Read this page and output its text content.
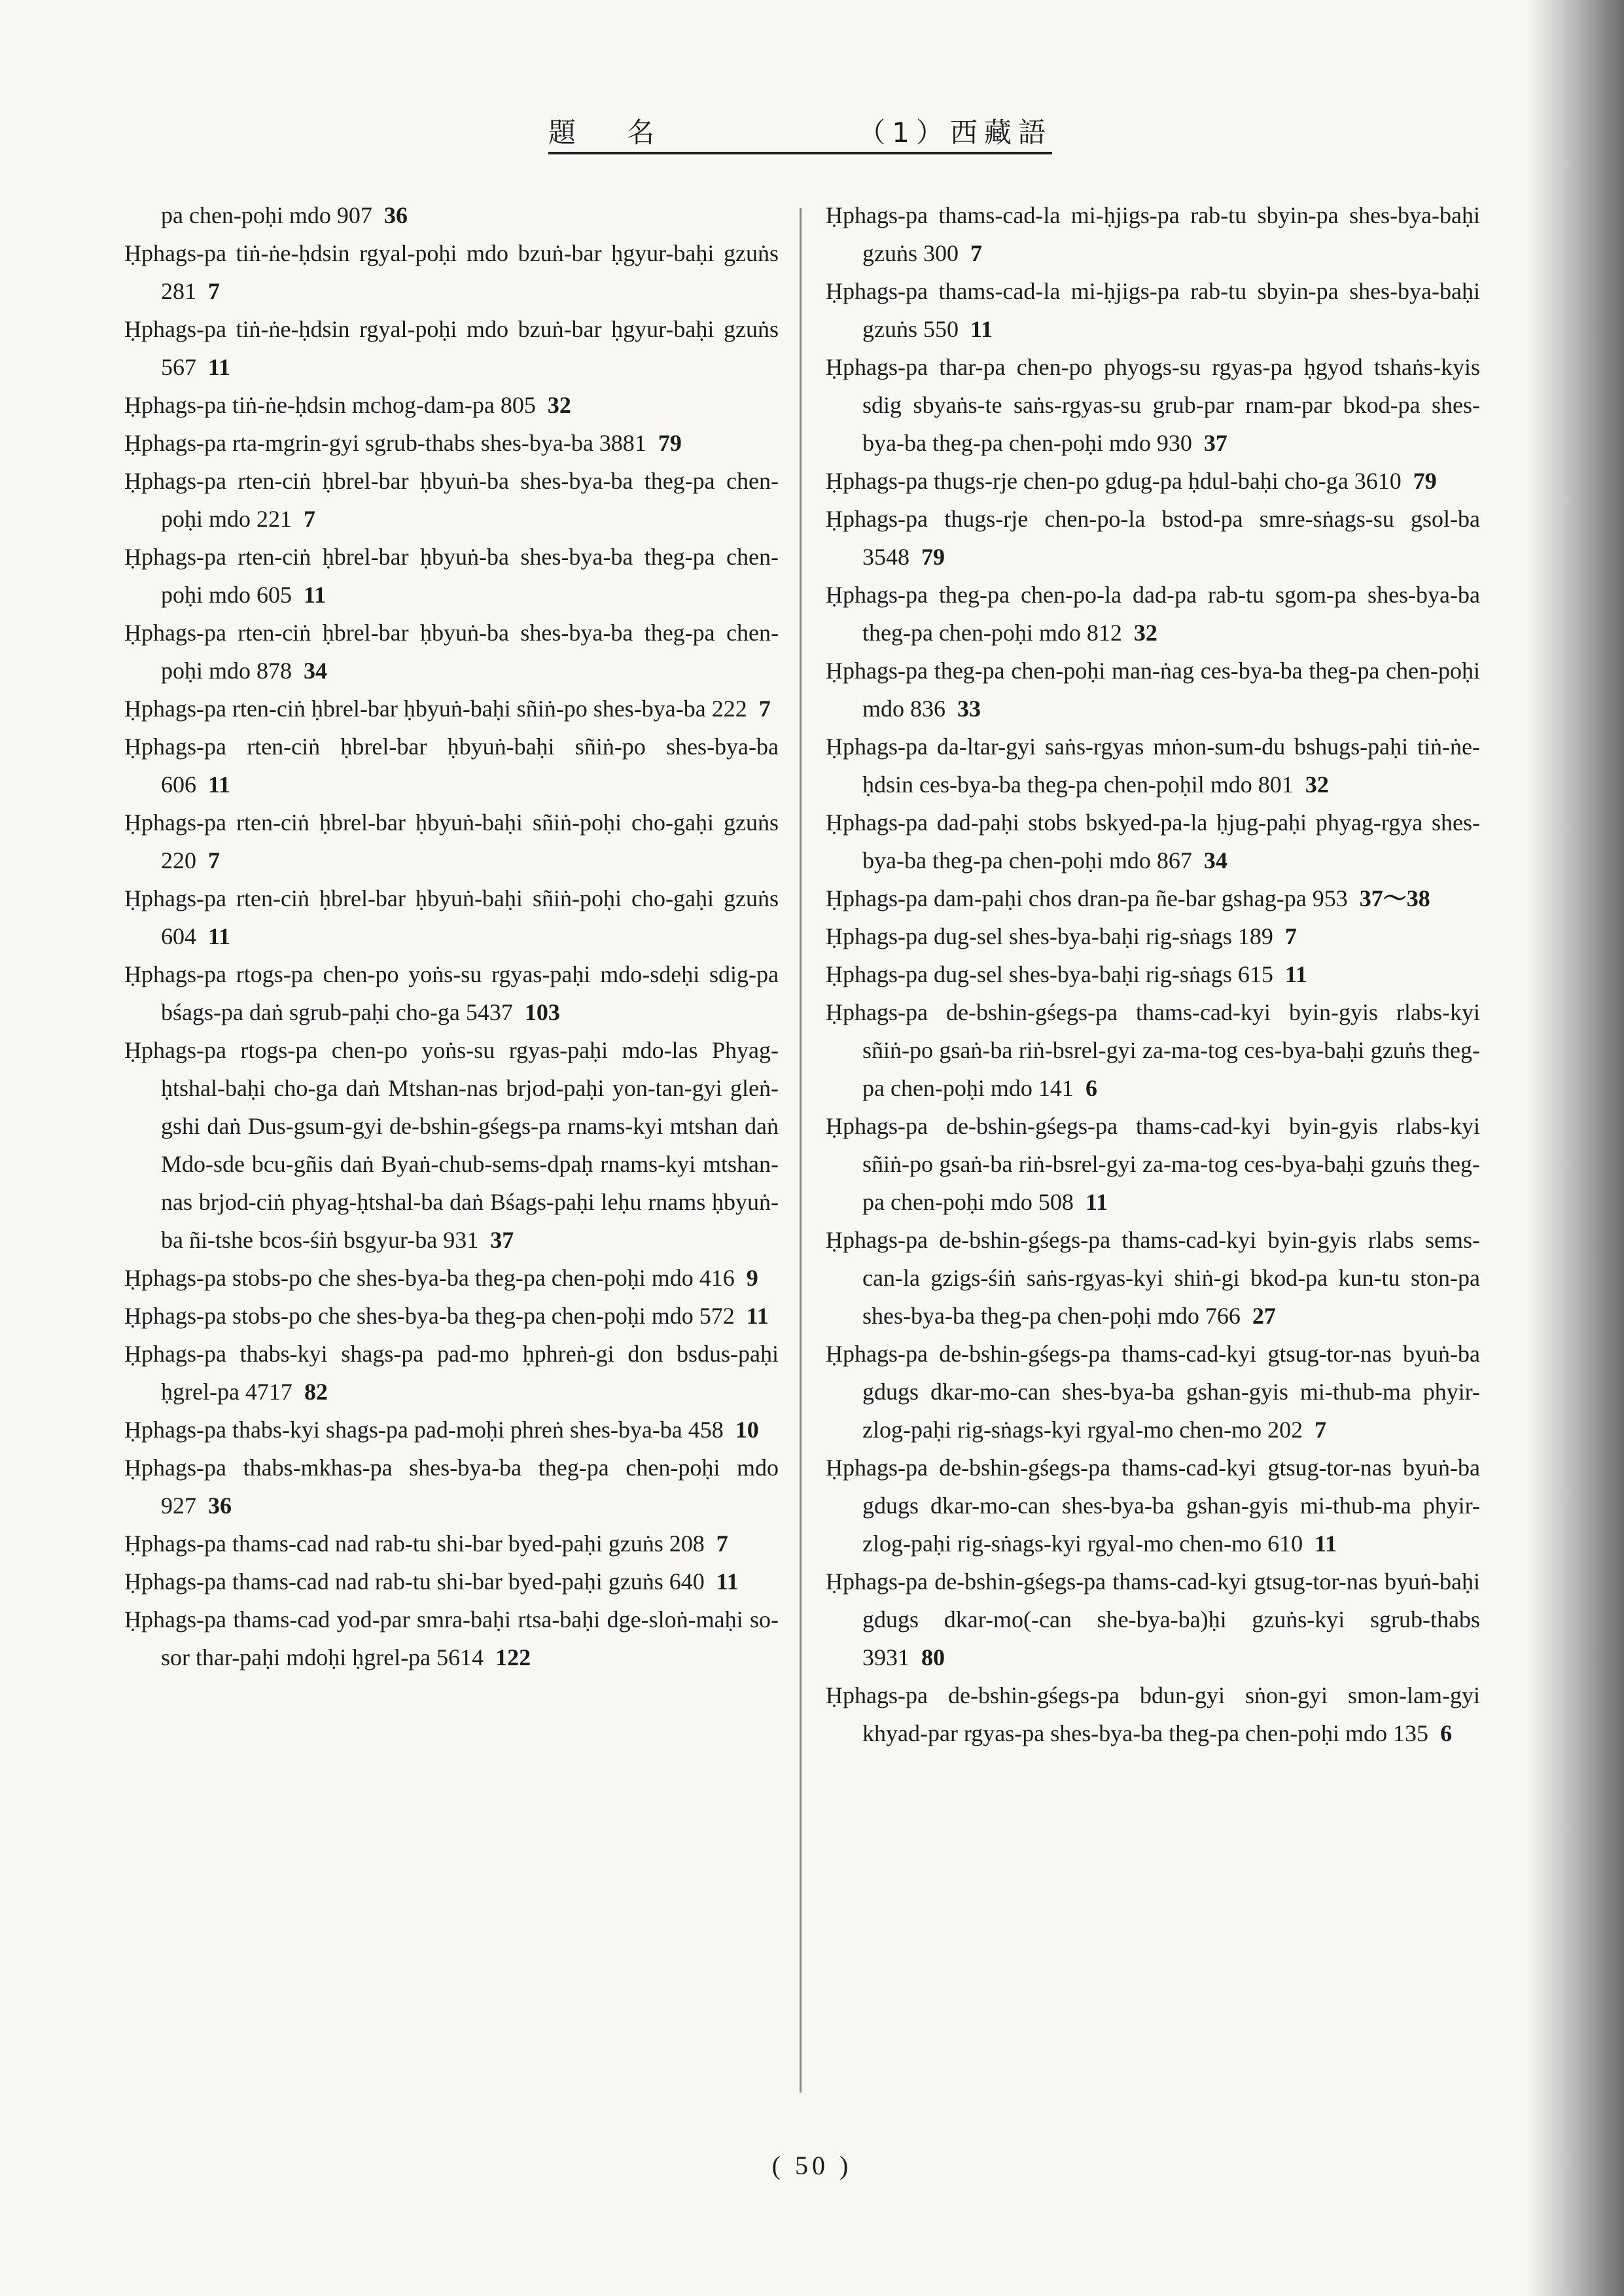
題　名	（1）西藏語
pa chen-poḥi mdo 907 36
Ḥphags-pa tiṅ-ṅe-ḥdsin rgyal-poḥi mdo bzuṅ-bar ḥgyur-baḥi gzuṅs 281 7
Ḥphags-pa tiṅ-ṅe-ḥdsin rgyal-poḥi mdo bzuṅ-bar ḥgyur-baḥi gzuṅs 567 11
Ḥphags-pa tiṅ-ṅe-ḥdsin mchog-dam-pa 805 32
Ḥphags-pa rta-mgrin-gyi sgrub-thabs shes-bya-ba 3881 79
Ḥphags-pa rten-ciṅ ḥbrel-bar ḥbyuṅ-ba shes-bya-ba theg-pa chen-poḥi mdo 221 7
Ḥphags-pa rten-ciṅ ḥbrel-bar ḥbyuṅ-ba shes-bya-ba theg-pa chen-poḥi mdo 605 11
Ḥphags-pa rten-ciṅ ḥbrel-bar ḥbyuṅ-ba shes-bya-ba theg-pa chen-poḥi mdo 878 34
Ḥphags-pa rten-ciṅ ḥbrel-bar ḥbyuṅ-baḥi sñiṅ-po shes-bya-ba 222 7
Ḥphags-pa rten-ciṅ ḥbrel-bar ḥbyuṅ-baḥi sñiṅ-po shes-bya-ba 606 11
Ḥphags-pa rten-ciṅ ḥbrel-bar ḥbyuṅ-baḥi sñiṅ-poḥi cho-gaḥi gzuṅs 220 7
Ḥphags-pa rten-ciṅ ḥbrel-bar ḥbyuṅ-baḥi sñiṅ-poḥi cho-gaḥi gzuṅs 604 11
Ḥphags-pa rtogs-pa chen-po yoṅs-su rgyas-paḥi mdo-sdeḥi sdig-pa bśags-pa daṅ sgrub-paḥi cho-ga 5437 103
Ḥphags-pa rtogs-pa chen-po yoṅs-su rgyas-paḥi mdo-las Phyag-ḥtshal-baḥi cho-ga daṅ Mtshan-nas brjod-paḥi yon-tan-gyi gleṅ-gshi daṅ Dus-gsum-gyi de-bshin-gśegs-pa rnams-kyi mtshan daṅ Mdo-sde bcu-gñis daṅ Byaṅ-chub-sems-dpaḥ rnams-kyi mtshan-nas brjod-ciṅ phyag-ḥtshal-ba daṅ Bśags-paḥi leḥu rnams ḥbyuṅ-ba ñi-tshe bcos-śiṅ bsgyur-ba 931 37
Ḥphags-pa stobs-po che shes-bya-ba theg-pa chen-poḥi mdo 416 9
Ḥphags-pa stobs-po che shes-bya-ba theg-pa chen-poḥi mdo 572 11
Ḥphags-pa thabs-kyi shags-pa pad-mo ḥphreṅ-gi don bsdus-paḥi ḥgrel-pa 4717 82
Ḥphags-pa thabs-kyi shags-pa pad-moḥi phreṅ shes-bya-ba 458 10
Ḥphags-pa thabs-mkhas-pa shes-bya-ba theg-pa chen-poḥi mdo 927 36
Ḥphags-pa thams-cad nad rab-tu shi-bar byed-paḥi gzuṅs 208 7
Ḥphags-pa thams-cad nad rab-tu shi-bar byed-paḥi gzuṅs 640 11
Ḥphags-pa thams-cad yod-par smra-baḥi rtsa-baḥi dge-sloṅ-maḥi so-sor thar-paḥi mdoḥi ḥgrel-pa 5614 122
Ḥphags-pa thams-cad-la mi-ḥjigs-pa rab-tu sbyin-pa shes-bya-baḥi gzuṅs 300 7
Ḥphags-pa thams-cad-la mi-ḥjigs-pa rab-tu sbyin-pa shes-bya-baḥi gzuṅs 550 11
Ḥphags-pa thar-pa chen-po phyogs-su rgyas-pa ḥgyod tshaṅs-kyis sdig sbyaṅs-te saṅs-rgyas-su grub-par rnam-par bkod-pa shes-bya-ba theg-pa chen-poḥi mdo 930 37
Ḥphags-pa thugs-rje chen-po gdug-pa ḥdul-baḥi cho-ga 3610 79
Ḥphags-pa thugs-rje chen-po-la bstod-pa smre-sṅags-su gsol-ba 3548 79
Ḥphags-pa theg-pa chen-po-la dad-pa rab-tu sgom-pa shes-bya-ba theg-pa chen-poḥi mdo 812 32
Ḥphags-pa theg-pa chen-poḥi man-ṅag ces-bya-ba theg-pa chen-poḥi mdo 836 33
Ḥphags-pa da-ltar-gyi saṅs-rgyas mṅon-sum-du bshugs-paḥi tiṅ-ṅe-ḥdsin ces-bya-ba theg-pa chen-poḥil mdo 801 32
Ḥphags-pa dad-paḥi stobs bskyed-pa-la ḥjug-paḥi phyag-rgya shes-bya-ba theg-pa chen-poḥi mdo 867 34
Ḥphags-pa dam-paḥi chos dran-pa ñe-bar gshag-pa 953 37〜38
Ḥphags-pa dug-sel shes-bya-baḥi rig-sṅags 189 7
Ḥphags-pa dug-sel shes-bya-baḥi rig-sṅags 615 11
Ḥphags-pa de-bshin-gśegs-pa thams-cad-kyi byin-gyis rlabs-kyi sñiṅ-po gsaṅ-ba riṅ-bsrel-gyi za-ma-tog ces-bya-baḥi gzuṅs theg-pa chen-poḥi mdo 141 6
Ḥphags-pa de-bshin-gśegs-pa thams-cad-kyi byin-gyis rlabs-kyi sñiṅ-po gsaṅ-ba riṅ-bsrel-gyi za-ma-tog ces-bya-baḥi gzuṅs theg-pa chen-poḥi mdo 508 11
Ḥphags-pa de-bshin-gśegs-pa thams-cad-kyi byin-gyis rlabs sems-can-la gzigs-śiṅ saṅs-rgyas-kyi shiṅ-gi bkod-pa kun-tu ston-pa shes-bya-ba theg-pa chen-poḥi mdo 766 27
Ḥphags-pa de-bshin-gśegs-pa thams-cad-kyi gtsug-tor-nas byuṅ-ba gdugs dkar-mo-can shes-bya-ba gshan-gyis mi-thub-ma phyir-zlog-paḥi rig-sṅags-kyi rgyal-mo chen-mo 202 7
Ḥphags-pa de-bshin-gśegs-pa thams-cad-kyi gtsug-tor-nas byuṅ-ba gdugs dkar-mo-can shes-bya-ba gshan-gyis mi-thub-ma phyir-zlog-paḥi rig-sṅags-kyi rgyal-mo chen-mo 610 11
Ḥphags-pa de-bshin-gśegs-pa thams-cad-kyi gtsug-tor-nas byuṅ-baḥi gdugs dkar-mo(-can she-bya-ba)ḥi gzuṅs-kyi sgrub-thabs 3931 80
Ḥphags-pa de-bshin-gśegs-pa bdun-gyi sṅon-gyi smon-lam-gyi khyad-par rgyas-pa shes-bya-ba theg-pa chen-poḥi mdo 135 6
( 50 )
